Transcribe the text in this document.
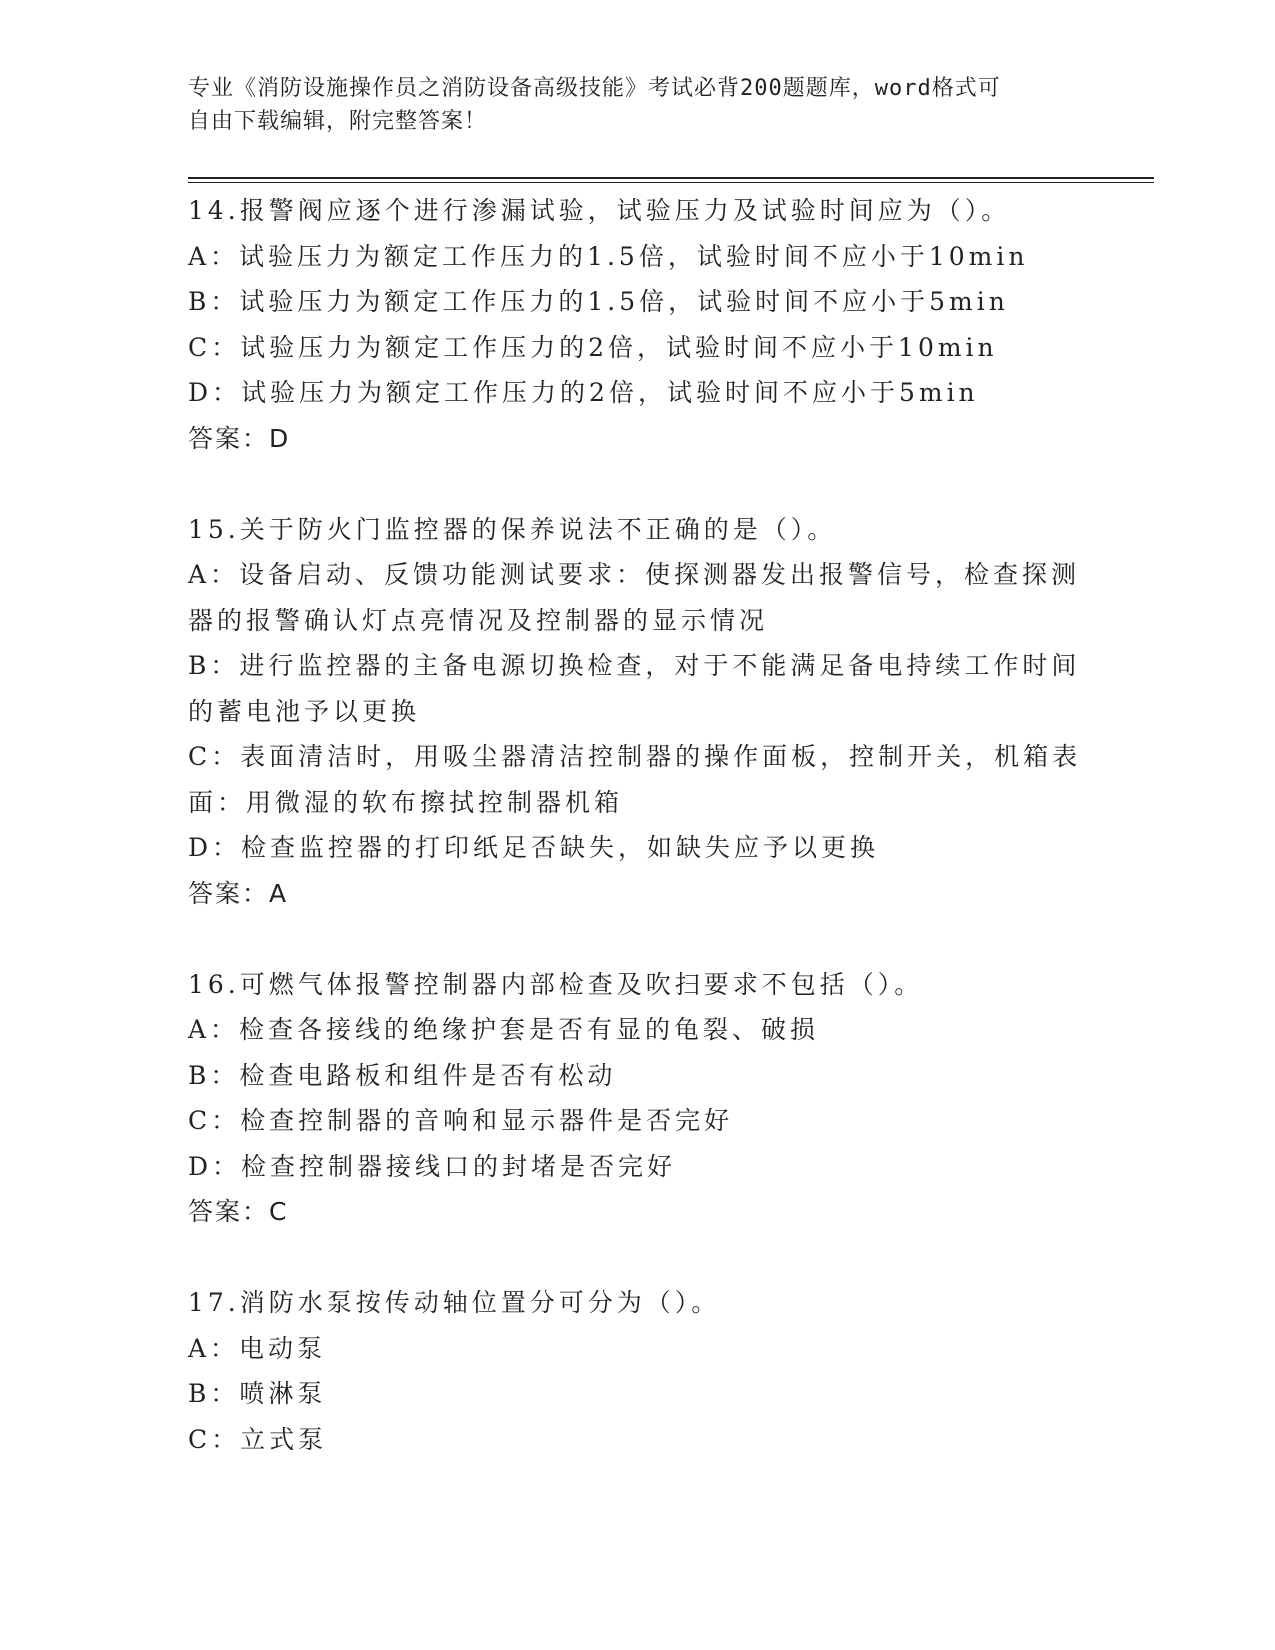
专业《消防设施操作员之消防设备高级技能》考试必背200题题库，word格式可
自由下载编辑，附完整答案！
14.报警阀应逐个进行渗漏试验，试验压力及试验时间应为（）。
A：试验压力为额定工作压力的1.5倍，试验时间不应小于10min
B：试验压力为额定工作压力的1.5倍，试验时间不应小于5min
C：试验压力为额定工作压力的2倍，试验时间不应小于10min
D：试验压力为额定工作压力的2倍，试验时间不应小于5min
答案：D
15.关于防火门监控器的保养说法不正确的是（）。
A：设备启动、反馈功能测试要求：使探测器发出报警信号，检查探测器的报警确认灯点亮情况及控制器的显示情况
B：进行监控器的主备电源切换检查，对于不能满足备电持续工作时间的蓄电池予以更换
C：表面清洁时，用吸尘器清洁控制器的操作面板，控制开关，机箱表面：用微湿的软布擦拭控制器机箱
D：检查监控器的打印纸足否缺失，如缺失应予以更换
答案：A
16.可燃气体报警控制器内部检查及吹扫要求不包括（）。
A：检查各接线的绝缘护套是否有显的龟裂、破损
B：检查电路板和组件是否有松动
C：检查控制器的音响和显示器件是否完好
D：检查控制器接线口的封堵是否完好
答案：C
17.消防水泵按传动轴位置分可分为（）。
A：电动泵
B：喷淋泵
C：立式泵
